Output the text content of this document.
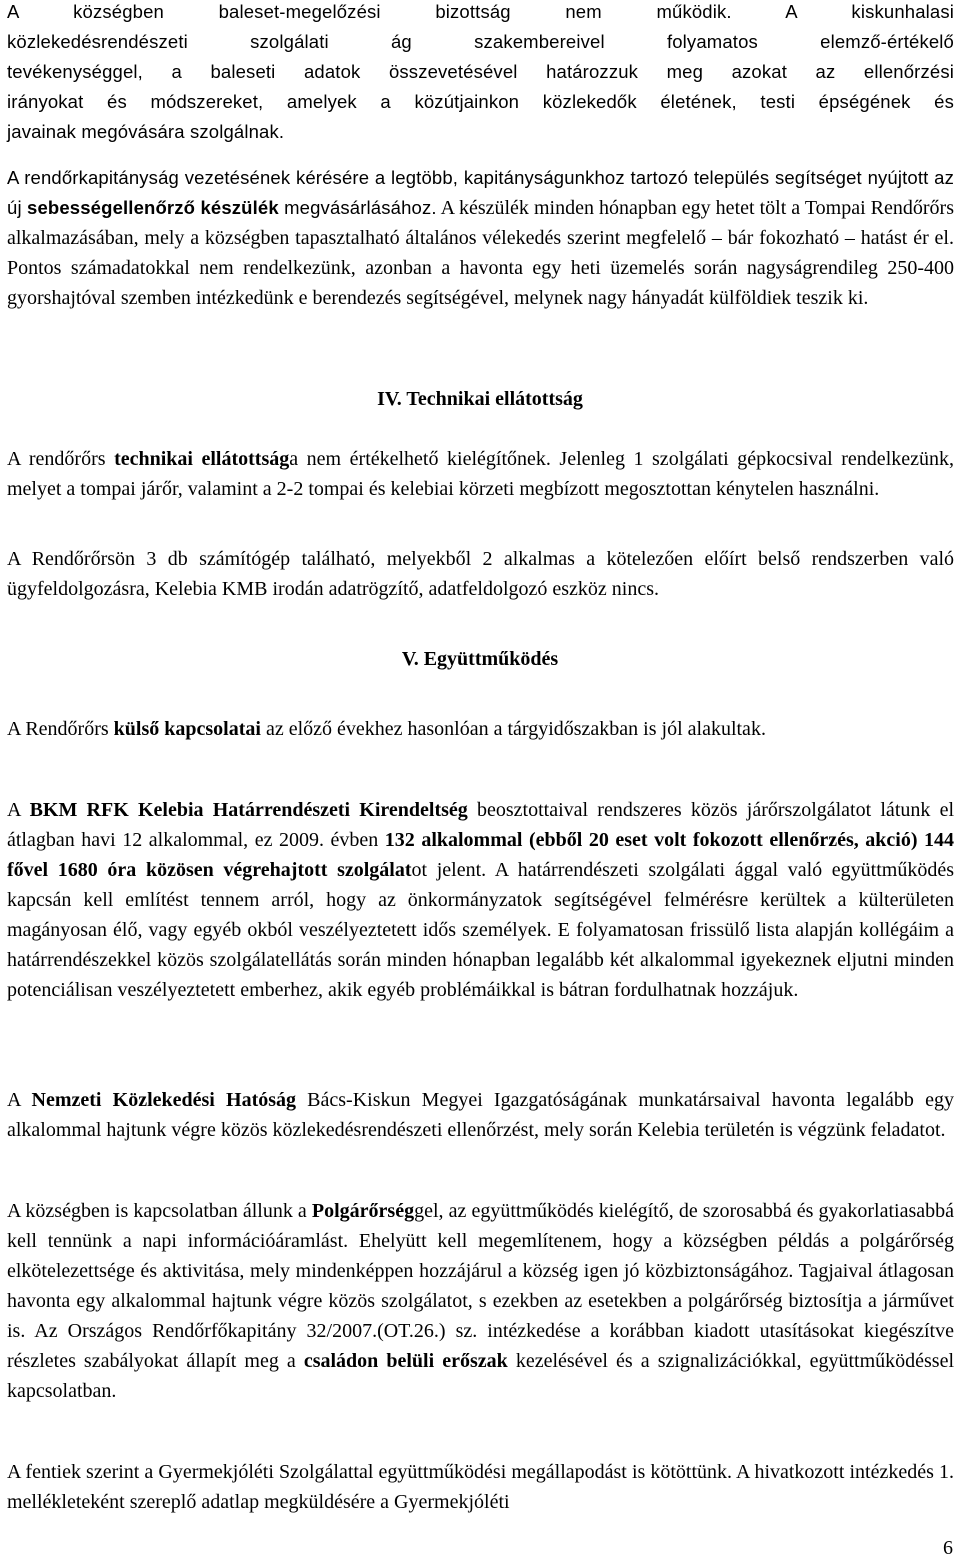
A községben baleset-megelőzési bizottság nem működik. A kiskunhalasi

közlekedésrendészeti szolgálati ág szakembereivel folyamatos elemző-értékelő

tevékenységgel, a baleseti adatok összevetésével határozzuk meg azokat az ellenőrzési

irányokat és módszereket, amelyek a közútjainkon közlekedők életének, testi épségének és

javainak megóvására szolgálnak.

A rendőrkapitányság vezetésének kérésére a legtöbb, kapitányságunkhoz tartozó település segítséget nyújtott az új sebességellenőrző készülék megvásárlásához. A készülék minden hónapban egy hetet tölt a Tompai Rendőrőrs alkalmazásában, mely a községben tapasztalható általános vélekedés szerint megfelelő – bár fokozható – hatást ér el. Pontos számadatokkal nem rendelkezünk, azonban a havonta egy heti üzemelés során nagyságrendileg 250-400 gyorshajtóval szemben intézkedünk e berendezés segítségével, melynek nagy hányadát külföldiek teszik ki.

IV. Technikai ellátottság

A rendőrőrs technikai ellátottsága nem értékelhető kielégítőnek. Jelenleg 1 szolgálati gépkocsival rendelkezünk, melyet a tompai járőr, valamint a 2-2 tompai és kelebiai körzeti megbízott megosztottan kénytelen használni.

A Rendőrőrsön 3 db számítógép található, melyekből 2 alkalmas a kötelezően előírt belső rendszerben való ügyfeldolgozásra, Kelebia KMB irodán adatrögzítő, adatfeldolgozó eszköz nincs.

V. Együttműködés

A Rendőrőrs külső kapcsolatai az előző évekhez hasonlóan a tárgyidőszakban is jól alakultak.

A BKM RFK Kelebia Határrendészeti Kirendeltség beosztottaival rendszeres közös járőrszolgálatot látunk el átlagban havi 12 alkalommal, ez 2009. évben 132 alkalommal (ebből 20 eset volt fokozott ellenőrzés, akció) 144 fővel 1680 óra közösen végrehajtott szolgálatot jelent. A határrendészeti szolgálati ággal való együttműködés kapcsán kell említést tennem arról, hogy az önkormányzatok segítségével felmérésre kerültek a külterületen magányosan élő, vagy egyéb okból veszélyeztetett idős személyek. E folyamatosan frissülő lista alapján kollégáim a határrendészekkel közös szolgálatellátás során minden hónapban legalább két alkalommal igyekeznek eljutni minden potenciálisan veszélyeztetett emberhez, akik egyéb problémáikkal is bátran fordulhatnak hozzájuk.

A Nemzeti Közlekedési Hatóság Bács-Kiskun Megyei Igazgatóságának munkatársaival havonta legalább egy alkalommal hajtunk végre közös közlekedésrendészeti ellenőrzést, mely során Kelebia területén is végzünk feladatot.

A községben is kapcsolatban állunk a Polgárőrséggel, az együttműködés kielégítő, de szorosabbá és gyakorlatiasabbá kell tennünk a napi információáramlást. Ehelyütt kell megemlítenem, hogy a községben példás a polgárőrség elkötelezettsége és aktivitása, mely mindenképpen hozzájárul a község igen jó közbiztonságához. Tagjaival átlagosan havonta egy alkalommal hajtunk végre közös szolgálatot, s ezekben az esetekben a polgárőrség biztosítja a járművet is. Az Országos Rendőrfőkapitány 32/2007.(OT.26.) sz. intézkedése a korábban kiadott utasításokat kiegészítve részletes szabályokat állapít meg a családon belüli erőszak kezelésével és a szignalizációkkal, együttműködéssel kapcsolatban.

A fentiek szerint a Gyermekjóléti Szolgálattal együttműködési megállapodást is kötöttünk. A hivatkozott intézkedés 1. mellékleteként szereplő adatlap megküldésére a Gyermekjóléti

6
